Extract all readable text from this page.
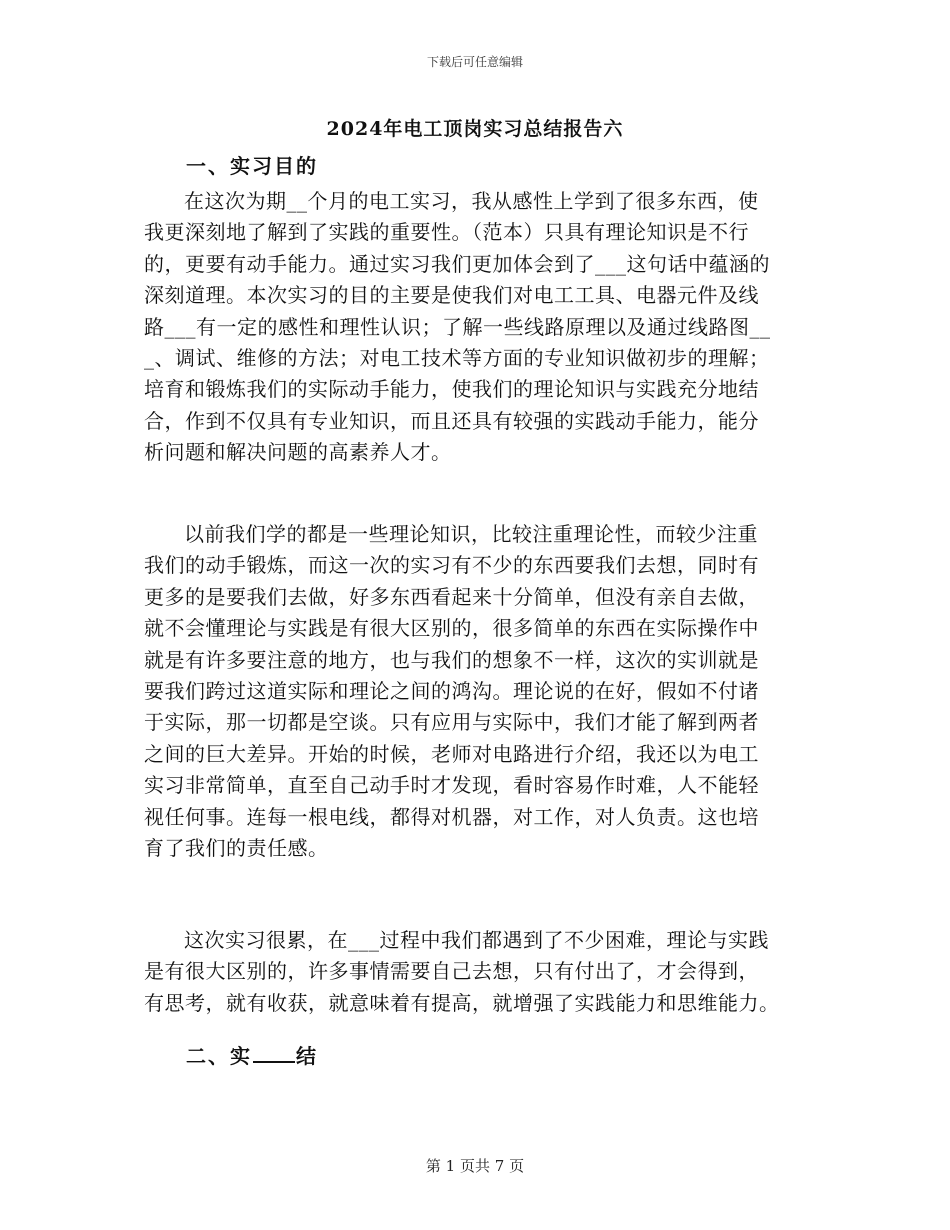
下载后可任意编辑
2024年电工顶岗实习总结报告六
一、实习目的
在这次为期__个月的电工实习，我从感性上学到了很多东西，使
我更深刻地了解到了实践的重要性。（范本）只具有理论知识是不行
的，更要有动手能力。通过实习我们更加体会到了___这句话中蕴涵的
深刻道理。本次实习的目的主要是使我们对电工工具、电器元件及线
路___有一定的感性和理性认识；了解一些线路原理以及通过线路图__
_、调试、维修的方法；对电工技术等方面的专业知识做初步的理解；
培育和锻炼我们的实际动手能力，使我们的理论知识与实践充分地结
合，作到不仅具有专业知识，而且还具有较强的实践动手能力，能分
析问题和解决问题的高素养人才。
以前我们学的都是一些理论知识，比较注重理论性，而较少注重
我们的动手锻炼，而这一次的实习有不少的东西要我们去想，同时有
更多的是要我们去做，好多东西看起来十分简单，但没有亲自去做，
就不会懂理论与实践是有很大区别的，很多简单的东西在实际操作中
就是有许多要注意的地方，也与我们的想象不一样，这次的实训就是
要我们跨过这道实际和理论之间的鸿沟。理论说的在好，假如不付诸
于实际，那一切都是空谈。只有应用与实际中，我们才能了解到两者
之间的巨大差异。开始的时候，老师对电路进行介绍，我还以为电工
实习非常简单，直至自己动手时才发现，看时容易作时难，人不能轻
视任何事。连每一根电线，都得对机器，对工作，对人负责。这也培
育了我们的责任感。
这次实习很累，在___过程中我们都遇到了不少困难，理论与实践
是有很大区别的，许多事情需要自己去想，只有付出了，才会得到，
有思考，就有收获，就意味着有提高，就增强了实践能力和思维能力。
二、实 结
第 1 页共 7 页
